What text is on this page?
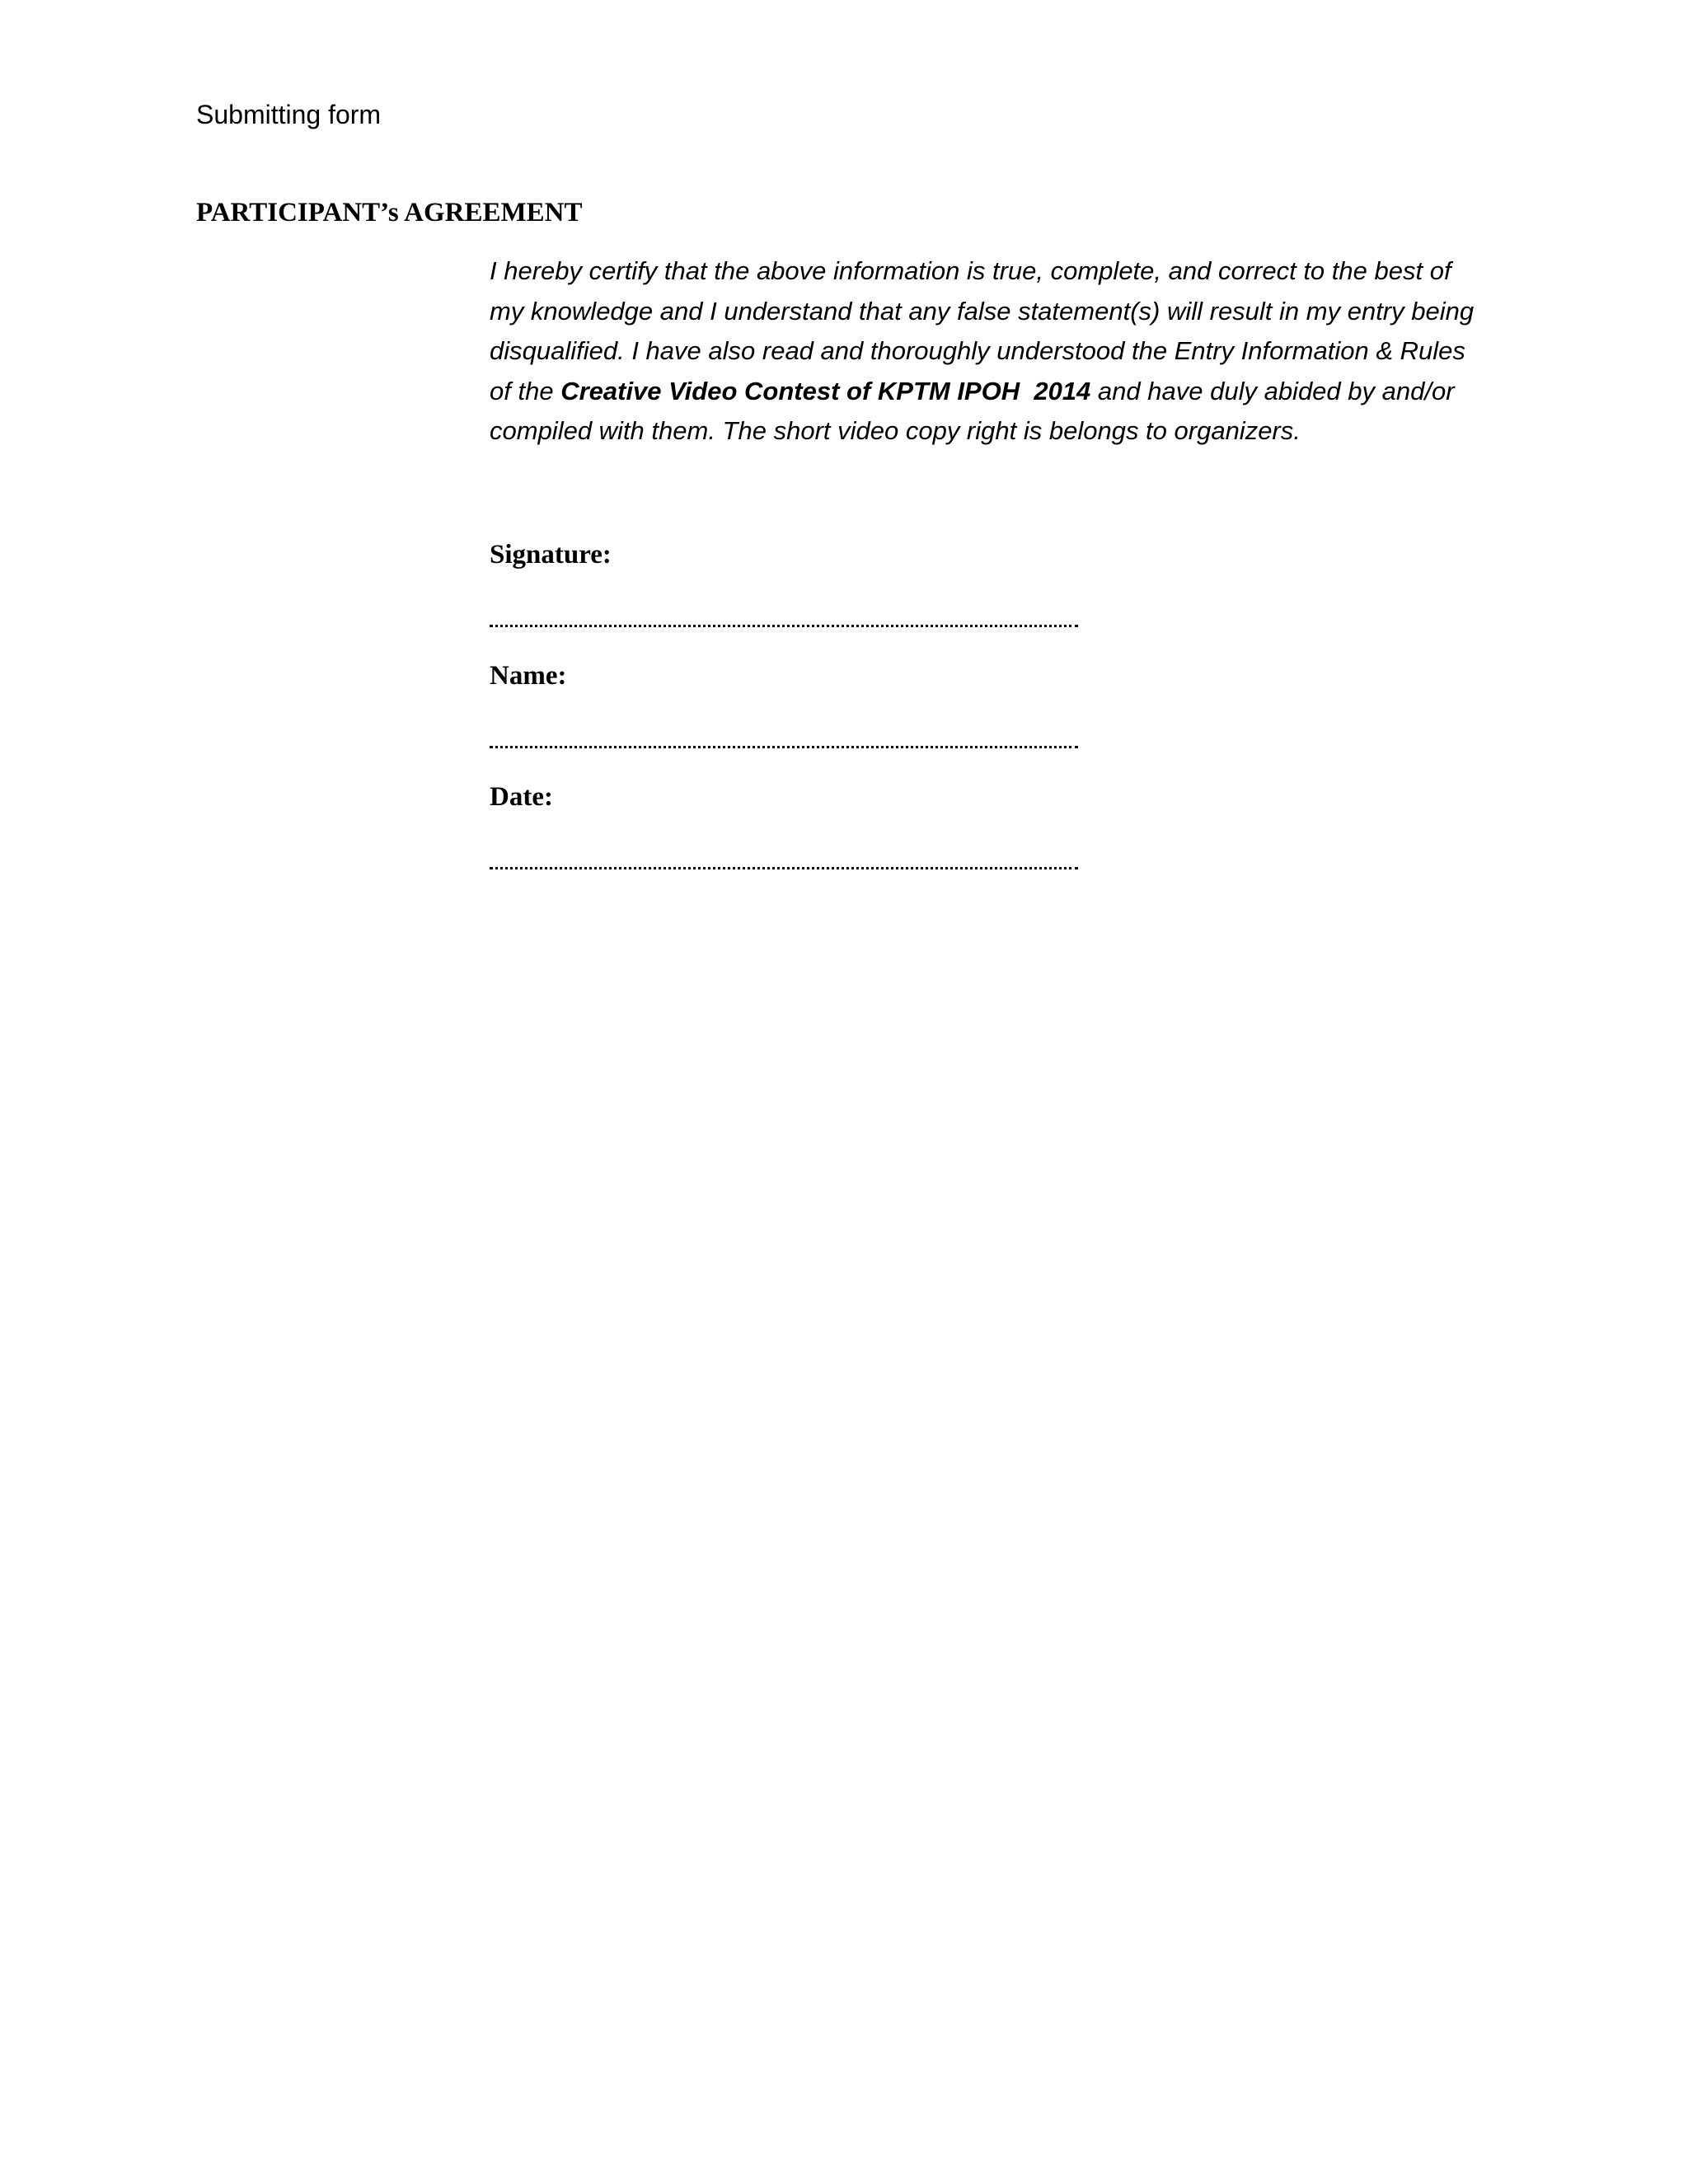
Submitting form
PARTICIPANT’s AGREEMENT

I hereby certify that the above information is true, complete, and correct to the best of
my knowledge and I understand that any false statement(s) will result in my entry being
disqualified. I have also read and thoroughly understood the Entry Information & Rules
of the Creative Video Contest of KPTM IPOH  2014 and have duly abided by and/or
compiled with them. The short video copy right is belongs to organizers.

Signature:
Name:
Date:
